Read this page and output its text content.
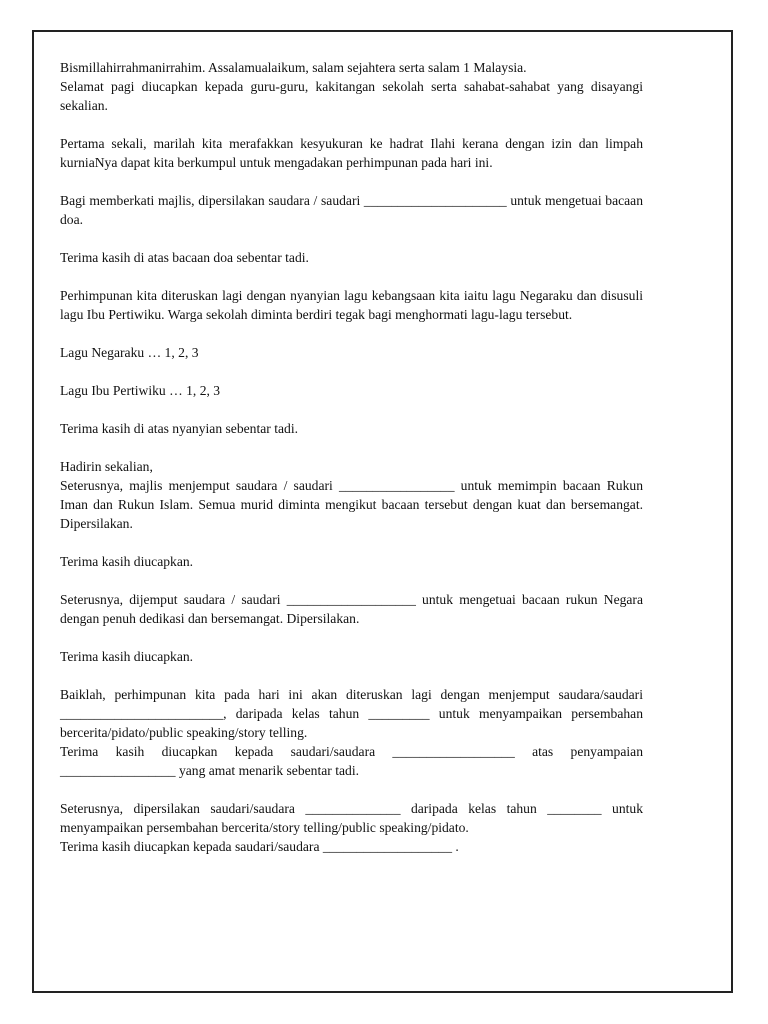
Bismillahirrahmanirrahim. Assalamualaikum, salam sejahtera serta salam 1 Malaysia.
Selamat pagi diucapkan kepada guru-guru, kakitangan sekolah serta sahabat-sahabat yang disayangi sekalian.
Pertama sekali, marilah kita merafakkan kesyukuran ke hadrat Ilahi kerana dengan izin dan limpah kurniaNya dapat kita berkumpul untuk mengadakan perhimpunan pada hari ini.
Bagi memberkati majlis, dipersilakan saudara / saudari _____________________ untuk mengetuai bacaan doa.
Terima kasih di atas bacaan doa sebentar tadi.
Perhimpunan kita diteruskan lagi dengan nyanyian lagu kebangsaan kita iaitu lagu Negaraku dan disusuli lagu Ibu Pertiwiku. Warga sekolah diminta berdiri tegak bagi menghormati lagu-lagu tersebut.
Lagu Negaraku … 1, 2, 3
Lagu Ibu Pertiwiku … 1, 2, 3
Terima kasih di atas nyanyian sebentar tadi.
Hadirin sekalian,
Seterusnya, majlis menjemput saudara / saudari _________________ untuk memimpin bacaan Rukun Iman dan Rukun Islam. Semua murid diminta mengikut bacaan tersebut dengan kuat dan bersemangat. Dipersilakan.
Terima kasih diucapkan.
Seterusnya, dijemput saudara / saudari ___________________ untuk mengetuai bacaan rukun Negara dengan penuh dedikasi dan bersemangat. Dipersilakan.
Terima kasih diucapkan.
Baiklah, perhimpunan kita pada hari ini akan diteruskan lagi dengan menjemput saudara/saudari ________________________, daripada kelas tahun _________ untuk menyampaikan persembahan bercerita/pidato/public speaking/story telling.
Terima kasih diucapkan kepada saudari/saudara __________________ atas penyampaian _________________ yang amat menarik sebentar tadi.
Seterusnya, dipersilakan saudari/saudara ______________ daripada kelas tahun ________ untuk menyampaikan persembahan bercerita/story telling/public speaking/pidato.
Terima kasih diucapkan kepada saudari/saudara ___________________ .
